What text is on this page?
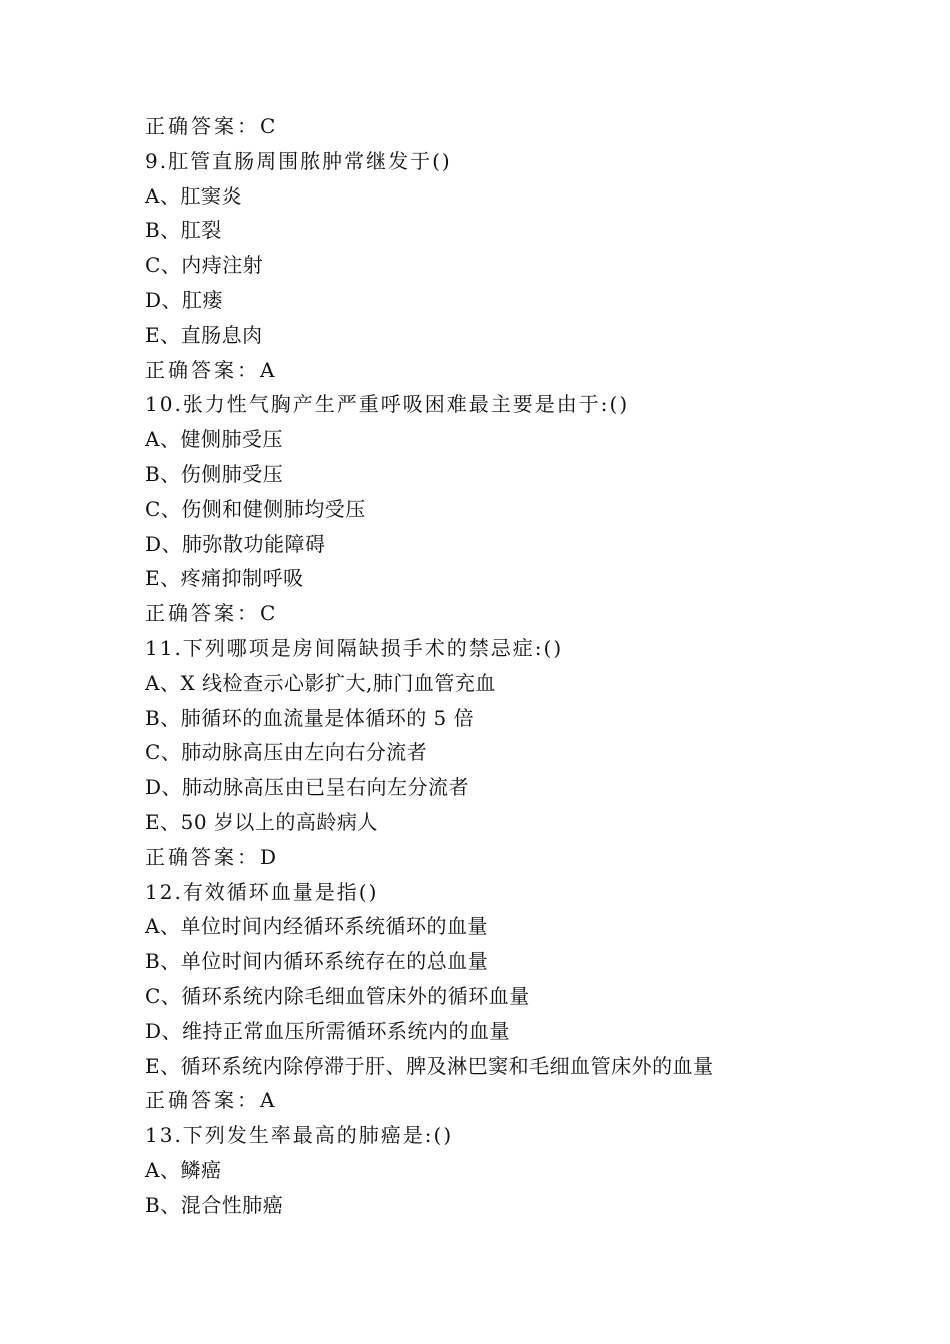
正确答案：C
9.肛管直肠周围脓肿常继发于()
A、肛窦炎
B、肛裂
C、内痔注射
D、肛瘘
E、直肠息肉
正确答案：A
10.张力性气胸产生严重呼吸困难最主要是由于:()
A、健侧肺受压
B、伤侧肺受压
C、伤侧和健侧肺均受压
D、肺弥散功能障碍
E、疼痛抑制呼吸
正确答案：C
11.下列哪项是房间隔缺损手术的禁忌症:()
A、X 线检查示心影扩大,肺门血管充血
B、肺循环的血流量是体循环的 5 倍
C、肺动脉高压由左向右分流者
D、肺动脉高压由已呈右向左分流者
E、50 岁以上的高龄病人
正确答案：D
12.有效循环血量是指()
A、单位时间内经循环系统循环的血量
B、单位时间内循环系统存在的总血量
C、循环系统内除毛细血管床外的循环血量
D、维持正常血压所需循环系统内的血量
E、循环系统内除停滞于肝、脾及淋巴窦和毛细血管床外的血量
正确答案：A
13.下列发生率最高的肺癌是:()
A、鳞癌
B、混合性肺癌
